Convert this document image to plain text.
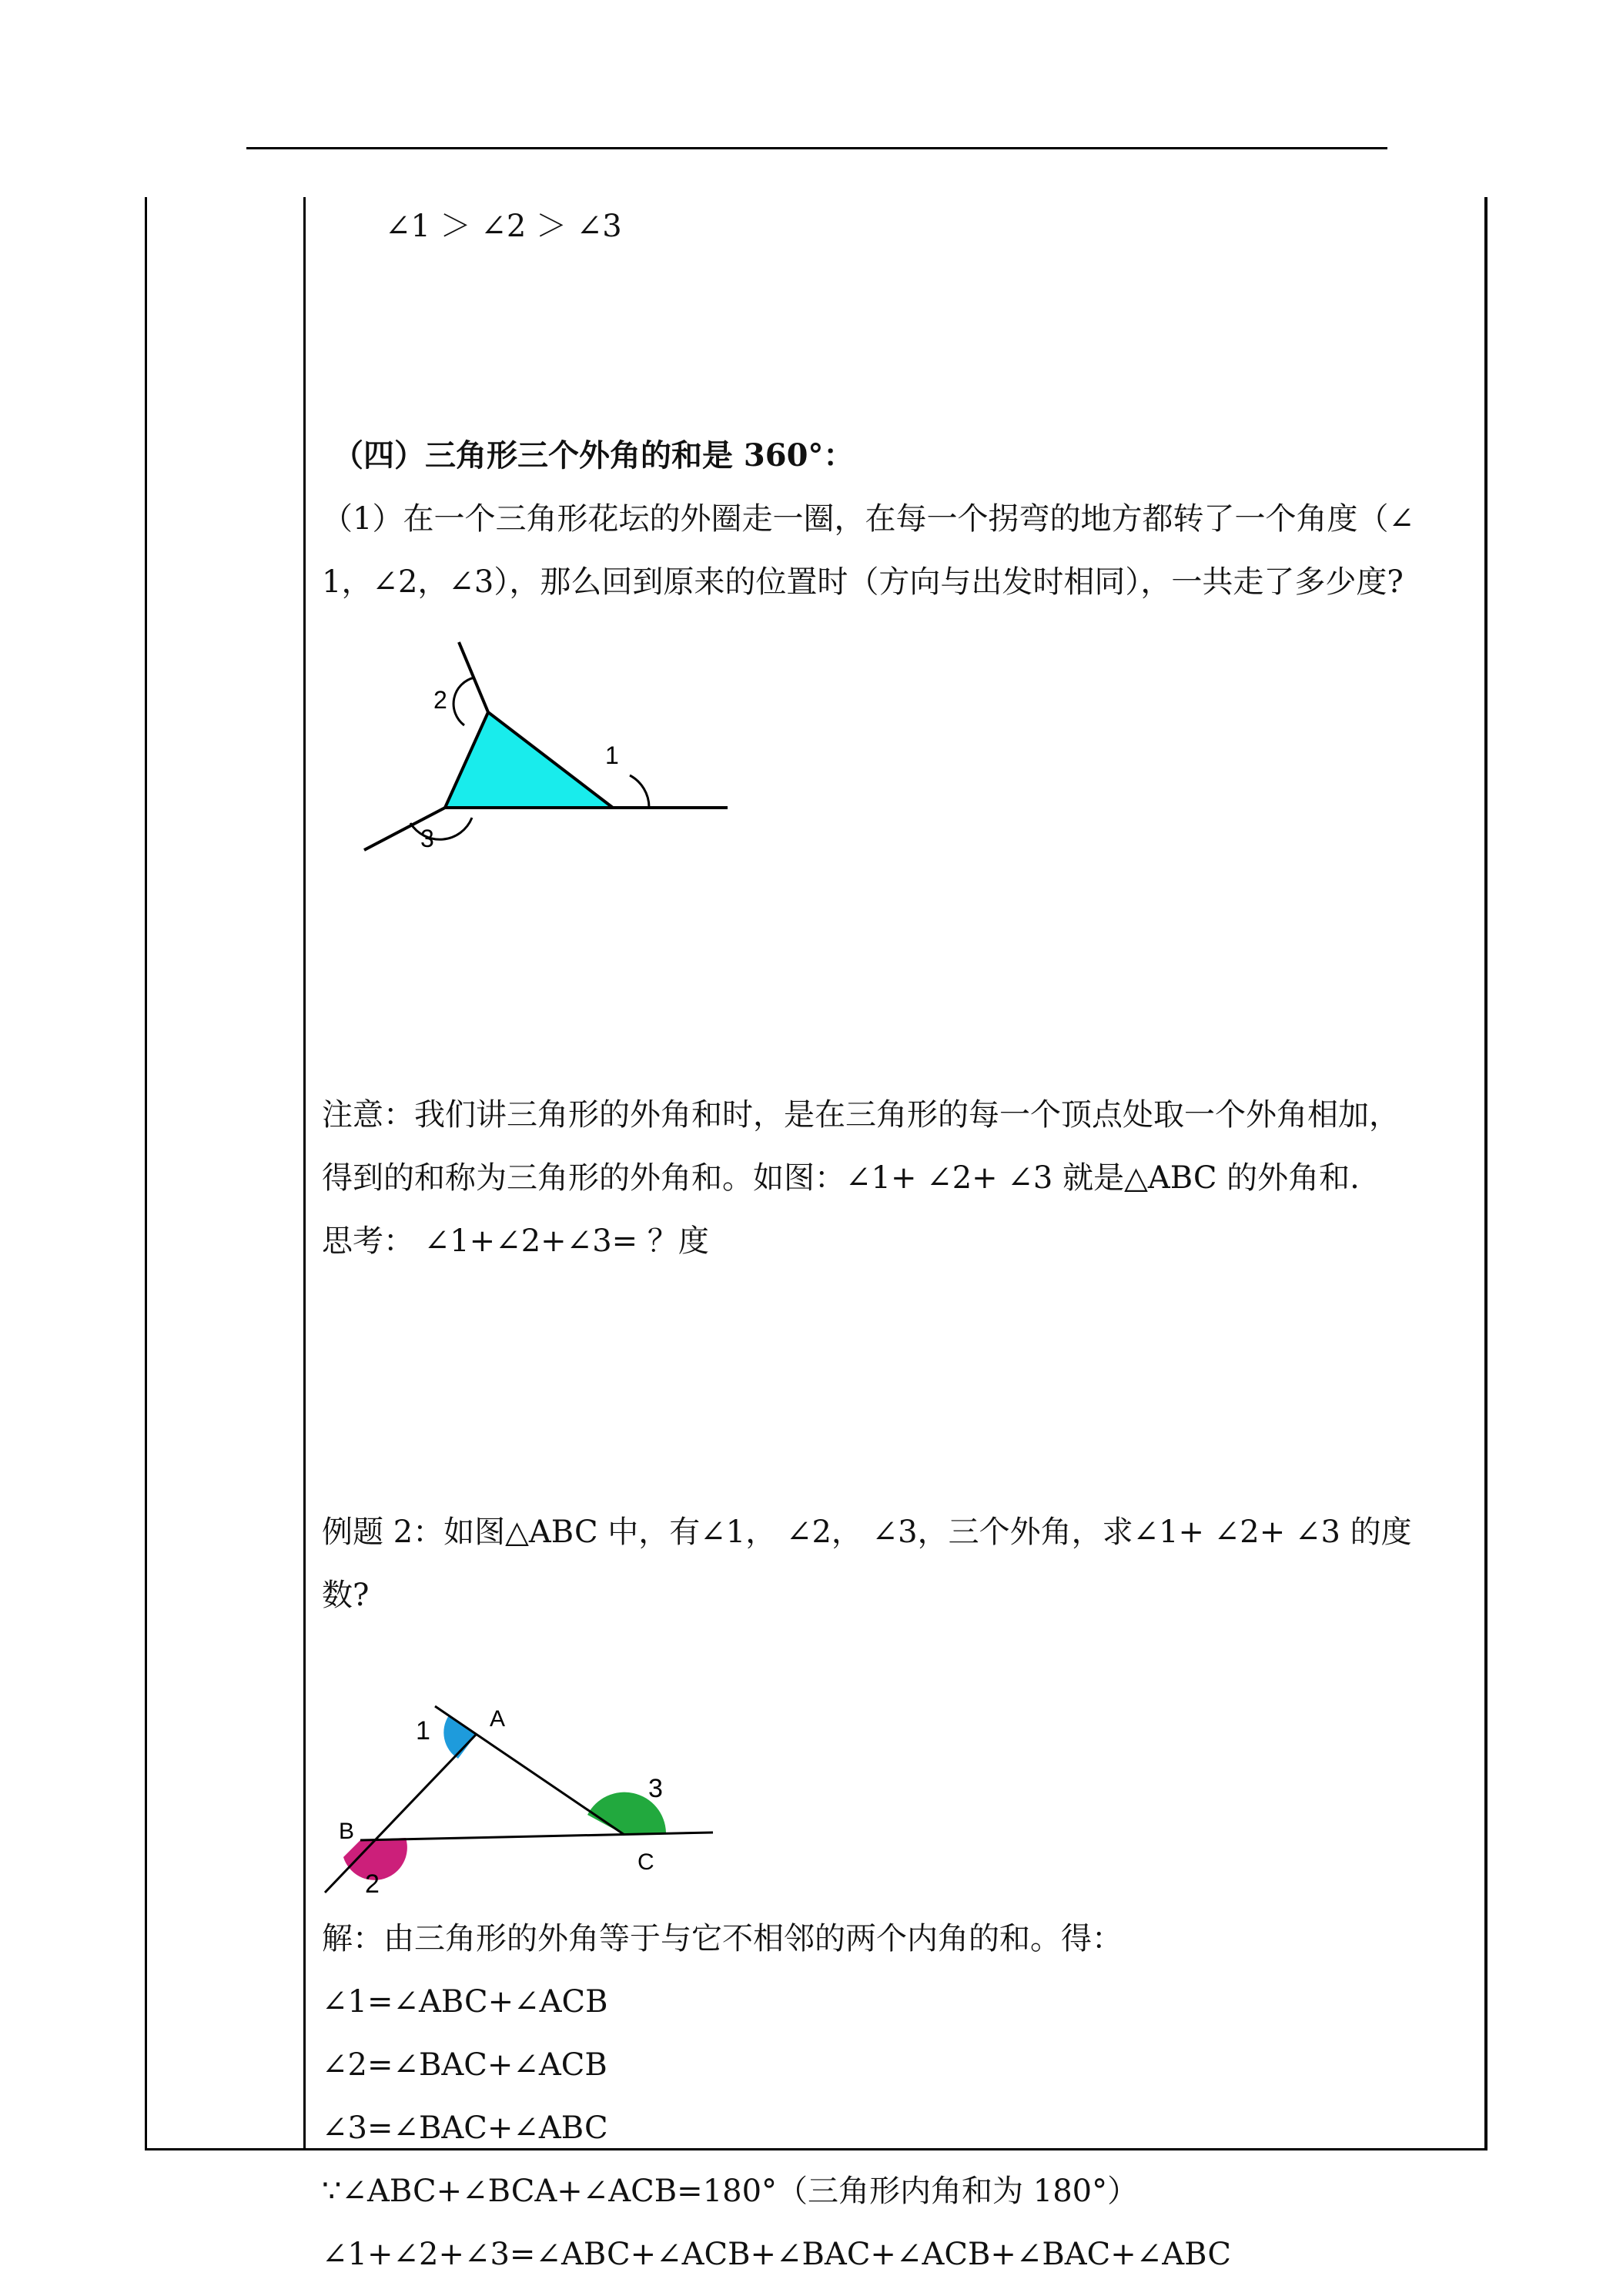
∠1 ＞ ∠2 ＞ ∠3
（四）三角形三个外角的和是 360°：
（1）在一个三角形花坛的外圈走一圈，在每一个拐弯的地方都转了一个角度（∠
1，∠2，∠3），那么回到原来的位置时（方向与出发时相同），一共走了多少度?
1
2
3
注意：我们讲三角形的外角和时，是在三角形的每一个顶点处取一个外角相加，
得到的和称为三角形的外角和。如图：∠1+ ∠2+ ∠3 就是△ABC 的外角和.
思考： ∠1+∠2+∠3= ？度
例题 2：如图△ABC 中，有∠1， ∠2， ∠3，三个外角，求∠1+ ∠2+ ∠3 的度
数?
A
B
C
1
2
3
解：由三角形的外角等于与它不相邻的两个内角的和。得：
∠1=∠ABC+∠ACB
∠2=∠BAC+∠ACB
∠3=∠BAC+∠ABC
∵∠ABC+∠BCA+∠ACB=180°（三角形内角和为 180°）
∠1+∠2+∠3=∠ABC+∠ACB+∠BAC+∠ACB+∠BAC+∠ABC
